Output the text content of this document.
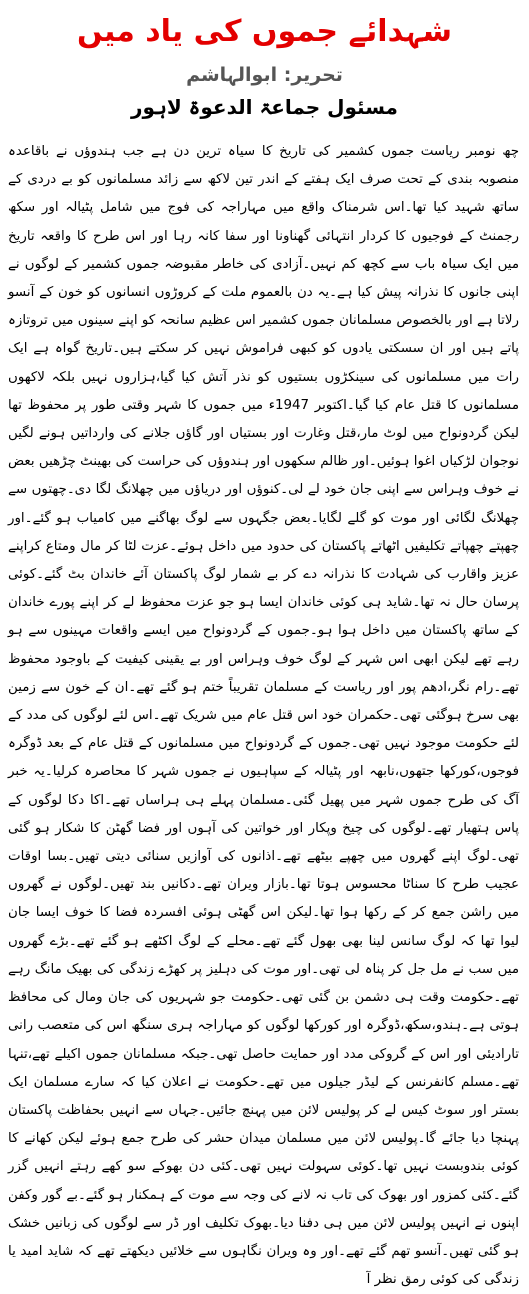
شہدائے جموں کی یاد میں
تحریر: ابوالہاشم
مسئول جماعۃ الدعوۃ لاہور

چھ نومبر ریاست جموں کشمیر کی تاریخ کا سیاہ ترین دن ہے جب ہندوؤں نے باقاعدہ منصوبہ بندی کے تحت صرف ایک ہفتے کے اندر تین لاکھ سے زائد مسلمانوں کو بے دردی کے ساتھ شہید کیا تھا۔اس شرمناک واقع میں مہاراجہ کی فوج میں شامل پٹیالہ اور سکھ رجمنٹ کے فوجیوں کا کردار انتہائی گھناونا اور سفا کانہ رہا اور اس طرح کا واقعہ تاریخ میں ایک سیاہ باب سے کچھ کم نہیں۔آزادی کی خاطر مقبوضہ جموں کشمیر کے لوگوں نے اپنی جانوں کا نذرانہ پیش کیا ہے۔یہ دن بالعموم ملت کے کروڑوں انسانوں کو خون کے آنسو رلاتا ہے اور بالخصوص مسلمانان جموں کشمیر اس عظیم سانحہ کو اپنے سینوں میں تروتازہ پاتے ہیں اور ان سسکتی یادوں کو کبھی فراموش نہیں کر سکتے ہیں۔تاریخ گواہ ہے ایک رات میں مسلمانوں کی سینکڑوں بستیوں کو نذر آتش کیا گیا،ہزاروں نہیں بلکہ لاکھوں مسلمانوں کا قتل عام کیا گیا۔اکتوبر 1947ء میں جموں کا شہر وقتی طور پر محفوظ تھا لیکن گردونواح میں لوٹ مار،قتل وغارت اور بستیاں اور گاؤں جلانے کی وارداتیں ہونے لگیں نوجوان لڑکیاں اغوا ہوئیں۔اور ظالم سکھوں اور ہندوؤں کی حراست کی بھینٹ چڑھیں بعض نے خوف وہراس سے اپنی جان خود لے لی۔کنوؤں اور دریاؤں میں چھلانگ لگا دی۔چھتوں سے چھلانگ لگائی اور موت کو گلے لگایا۔بعض جگہوں سے لوگ بھاگنے میں کامیاب ہو گئے۔اور چھپتے چھپاتے تکلیفیں اٹھاتے پاکستان کی حدود میں داخل ہوئے۔عزت لٹا کر مال ومتاع کراپنے عزیز واقارب کی شہادت کا نذرانہ دے کر بے شمار لوگ پاکستان آئے خاندان بٹ گئے۔کوئی پرسان حال نہ تھا۔شاید ہی کوئی خاندان ایسا ہو جو عزت محفوظ لے کر اپنے پورے خاندان کے ساتھ پاکستان میں داخل ہوا ہو۔جموں کے گردونواح میں ایسے واقعات مہینوں سے ہو رہے تھے لیکن ابھی اس شہر کے لوگ خوف وہراس اور بے یقینی کیفیت کے باوجود محفوظ تھے۔رام نگر،ادھم پور اور ریاست کے مسلمان تقریباً ختم ہو گئے تھے۔ان کے خون سے زمین بھی سرخ ہوگئی تھی۔حکمران خود اس قتل عام میں شریک تھے۔اس لئے لوگوں کی مدد کے لئے حکومت موجود نہیں تھی۔جموں کے گردونواح میں مسلمانوں کے قتل عام کے بعد ڈوگرہ فوجوں،کورکھا جتھوں،نابھہ اور پٹیالہ کے سپاہیوں نے جموں شہر کا محاصرہ کرلیا۔یہ خبر آگ کی طرح جموں شہر میں پھیل گئی۔مسلمان پہلے ہی ہراساں تھے۔اکا دکا لوگوں کے پاس ہتھیار تھے۔لوگوں کی چیخ وپکار اور خواتین کی آہوں اور فضا گھٹن کا شکار ہو گئی تھی۔لوگ اپنے گھروں میں چھپے بیٹھے تھے۔اذانوں کی آوازیں سنائی دیتی تھیں۔بسا اوقات عجیب طرح کا سناٹا محسوس ہوتا تھا۔بازار ویران تھے۔دکانیں بند تھیں۔لوگوں نے گھروں میں راشن جمع کر کے رکھا ہوا تھا۔لیکن اس گھٹی ہوئی افسردہ فضا کا خوف ایسا جان لیوا تھا کہ لوگ سانس لینا بھی بھول گئے تھے۔محلے کے لوگ اکٹھے ہو گئے تھے۔بڑے گھروں میں سب نے مل جل کر پناہ لی تھی۔اور موت کی دہلیز پر کھڑے زندگی کی بھیک مانگ رہے تھے۔حکومت وقت ہی دشمن بن گئی تھی۔حکومت جو شہریوں کی جان ومال کی محافظ ہوتی ہے۔ہندو،سکھ،ڈوگرہ اور کورکھا لوگوں کو مہاراجہ ہری سنگھ اس کی متعصب رانی تارادیئی اور اس کے گروکی مدد اور حمایت حاصل تھی۔جبکہ مسلمانان جموں اکیلے تھے،تنہا تھے۔مسلم کانفرنس کے لیڈر جیلوں میں تھے۔حکومت نے اعلان کیا کہ سارے مسلمان ایک بستر اور سوٹ کیس لے کر پولیس لائن میں پہنچ جائیں۔جہاں سے انہیں بحفاظت پاکستان پہنچا دیا جائے گا۔پولیس لائن میں مسلمان میدان حشر کی طرح جمع ہوئے لیکن کھانے کا کوئی بندوبست نہیں تھا۔کوئی سہولت نہیں تھی۔کئی دن بھوکے سو کھے رہتے انہیں گزر گئے۔کئی کمزور اور بھوک کی تاب نہ لانے کی وجہ سے موت کے ہمکنار ہو گئے۔بے گور وکفن اپنوں نے انہیں پولیس لائن میں ہی دفنا دیا۔بھوک تکلیف اور ڈر سے لوگوں کی زبانیں خشک ہو گئی تھیں۔آنسو تھم گئے تھے۔اور وہ ویران نگاہوں سے خلائیں دیکھتے تھے کہ شاید امید یا زندگی کی کوئی رمق نظر آ
